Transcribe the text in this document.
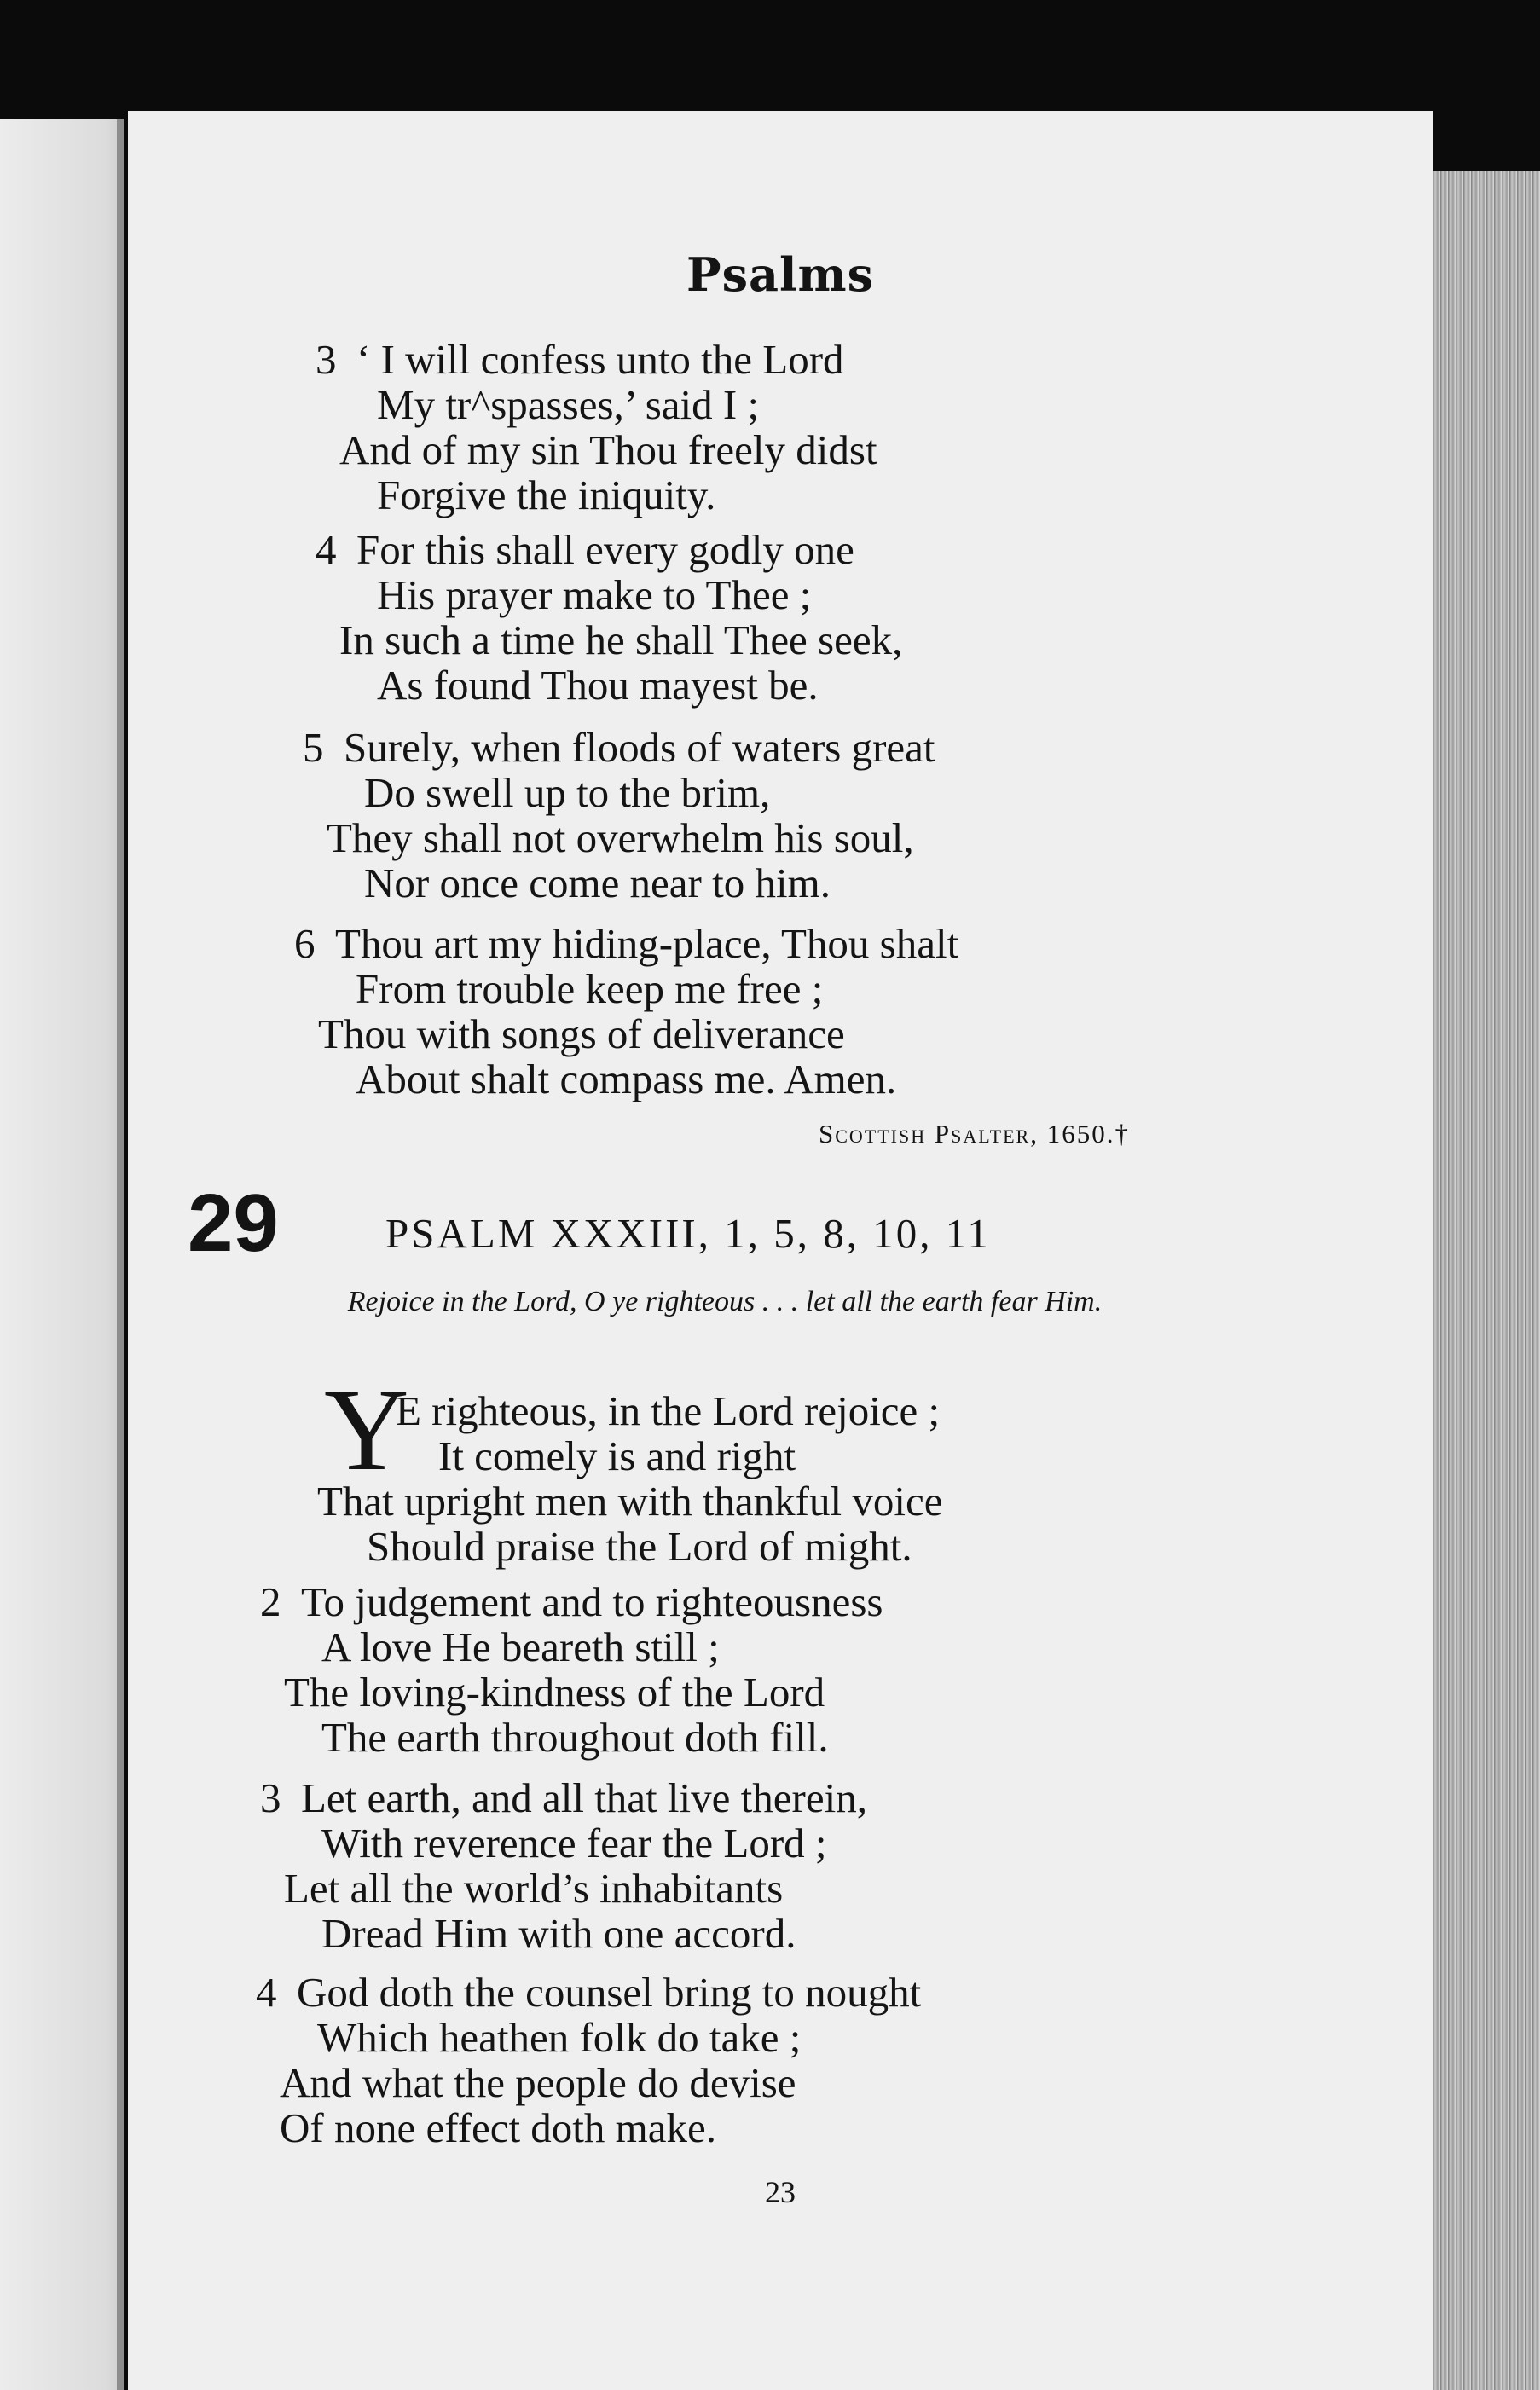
Psalms
3 ‘ I will confess unto the Lord
My tr^spasses,’ said I ;
And of my sin Thou freely didst
Forgive the iniquity.
4 For this shall every godly one
His prayer make to Thee ;
In such a time he shall Thee seek,
As found Thou mayest be.
5 Surely, when floods of waters great
Do swell up to the brim,
They shall not overwhelm his soul,
Nor once come near to him.
6 Thou art my hiding-place, Thou shalt
From trouble keep me free ;
Thou with songs of deliverance
About shalt compass me. Amen.
Scottish Psalter, 1650.†
29	PSALM XXXIII, 1, 5, 8, 10, 11
Rejoice in the Lord, O ye righteous . . . let all the earth fear Him.
Y
E righteous, in the Lord rejoice ;
It comely is and right
That upright men with thankful voice
Should praise the Lord of might.
2 To judgement and to righteousness
A love He beareth still ;
The loving-kindness of the Lord
The earth throughout doth fill.
3 Let earth, and all that live therein,
With reverence fear the Lord ;
Let all the world’s inhabitants
Dread Him with one accord.
4 God doth the counsel bring to nought
Which heathen folk do take ;
And what the people do devise
Of none effect doth make.
23
